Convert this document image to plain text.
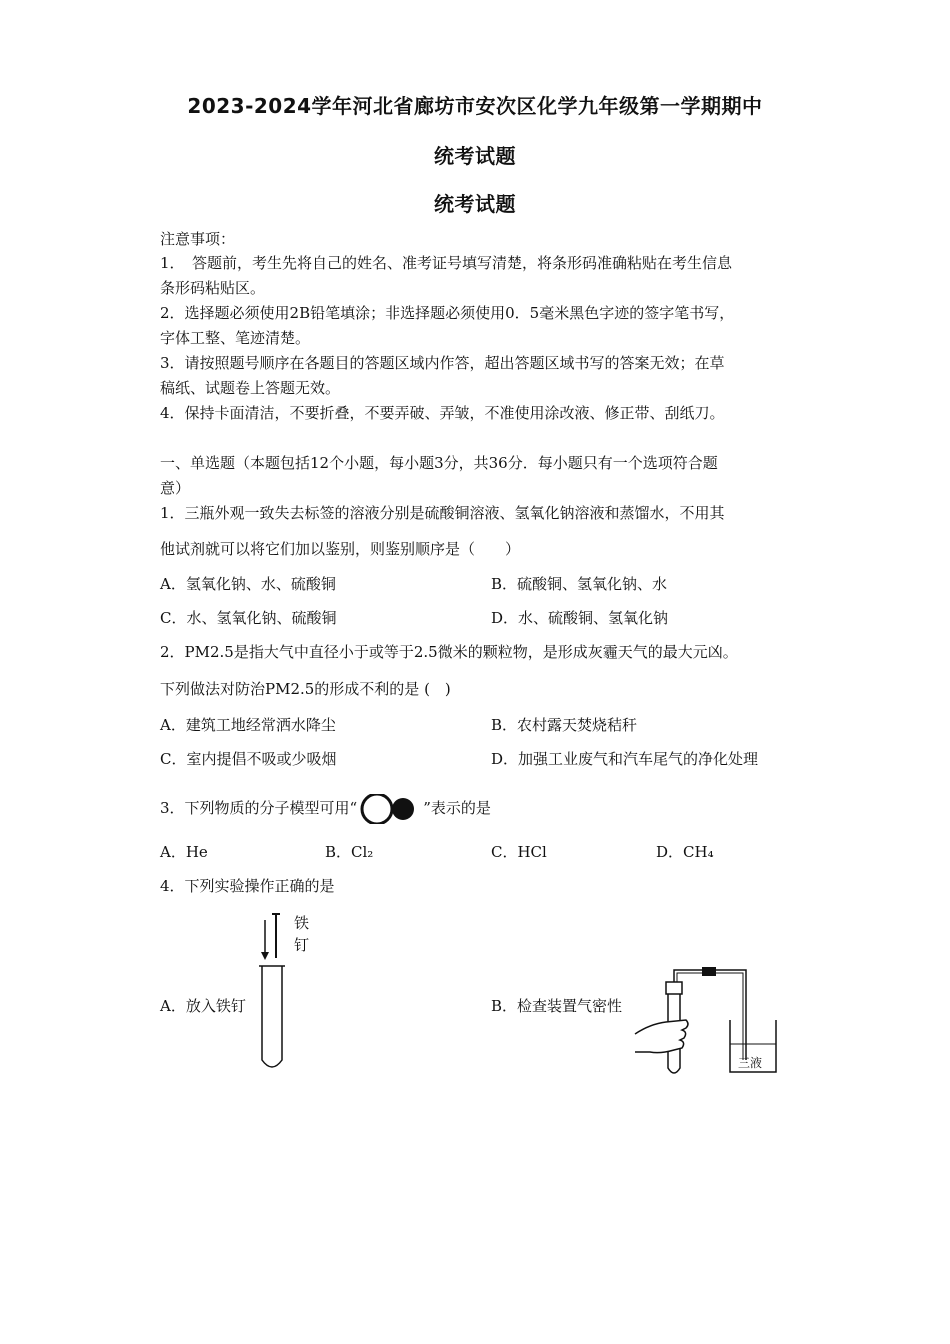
2023-2024学年河北省廊坊市安次区化学九年级第一学期期中
统考试题
统考试题
注意事项：
1．　答题前，考生先将自己的姓名、准考证号填写清楚，将条形码准确粘贴在考生信息
条形码粘贴区。
2．选择题必须使用2B铅笔填涂；非选择题必须使用0．5毫米黑色字迹的签字笔书写，
字体工整、笔迹清楚。
3．请按照题号顺序在各题目的答题区域内作答，超出答题区域书写的答案无效；在草
稿纸、试题卷上答题无效。
4．保持卡面清洁，不要折叠，不要弄破、弄皱，不准使用涂改液、修正带、刮纸刀。
一、单选题（本题包括12个小题，每小题3分，共36分．每小题只有一个选项符合题
意）
1．三瓶外观一致失去标签的溶液分别是硫酸铜溶液、氢氧化钠溶液和蒸馏水，不用其
他试剂就可以将它们加以鉴别，则鉴别顺序是（　　）
A．氢氧化钠、水、硫酸铜	B．硫酸铜、氢氧化钠、水
C．水、氢氧化钠、硫酸铜	D．水、硫酸铜、氢氧化钠
2．PM2.5是指大气中直径小于或等于2.5微米的颗粒物，是形成灰霾天气的最大元凶。
下列做法对防治PM2.5的形成不利的是 (　)
A．建筑工地经常洒水降尘	B．农村露天焚烧秸秆
C．室内提倡不吸或少吸烟	D．加强工业废气和汽车尾气的净化处理
3．下列物质的分子模型可用“	”表示的是
A．He	B．Cl₂	C．HCl	D．CH₄
4．下列实验操作正确的是
A．放入铁钉	B．检查装置气密性
铁
钉
三液
